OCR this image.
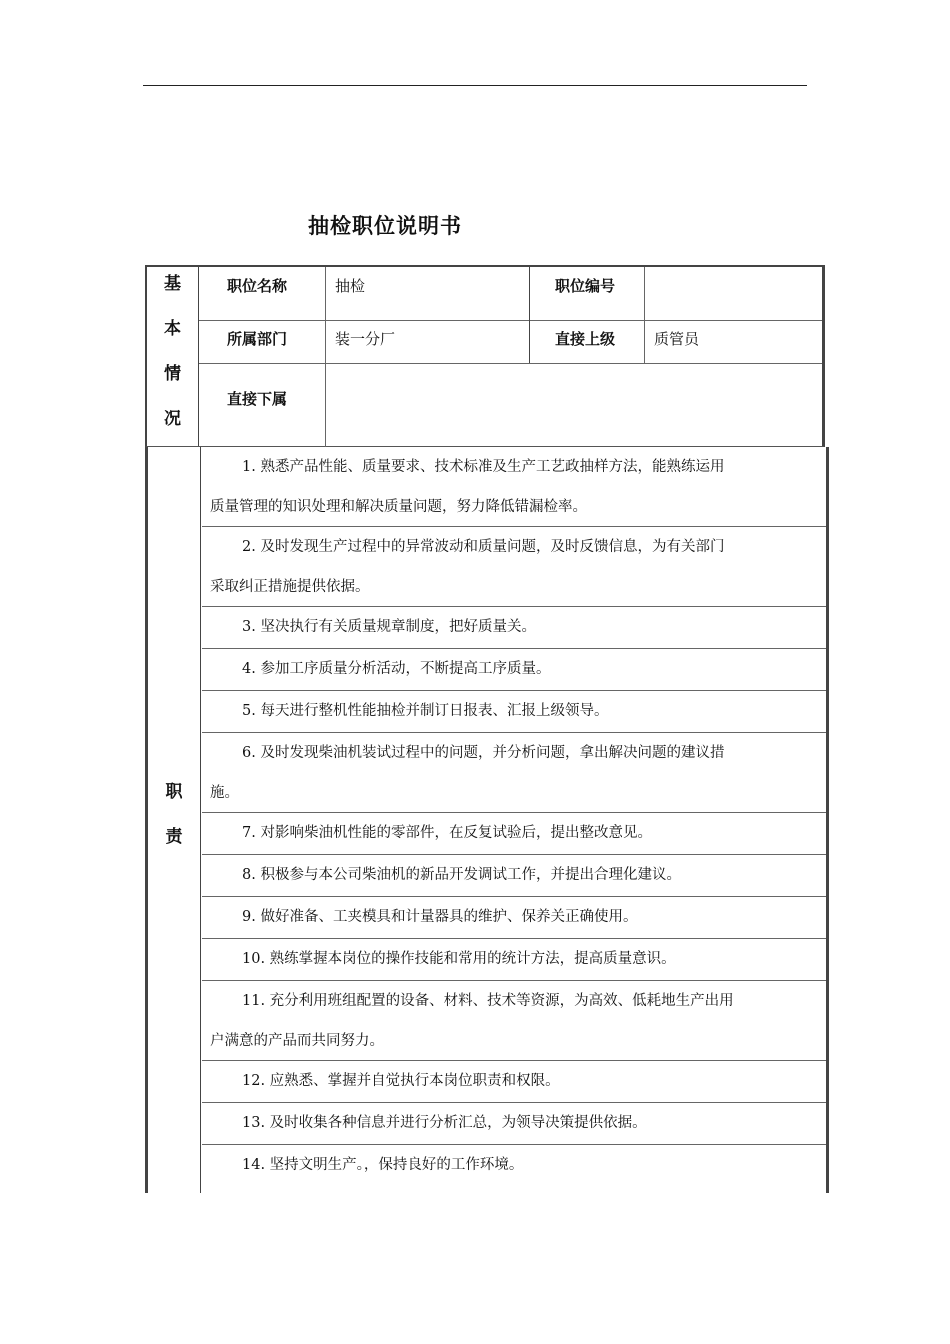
抽检职位说明书
基
本
情
况
职位名称	抽检	职位编号
所属部门	装一分厂	直接上级	质管员
直接下属
职
责
1. 熟悉产品性能、质量要求、技术标准及生产工艺政抽样方法，能熟练运用
质量管理的知识处理和解决质量问题，努力降低错漏检率。
2. 及时发现生产过程中的异常波动和质量问题，及时反馈信息，为有关部门
采取纠正措施提供依据。
3. 坚决执行有关质量规章制度，把好质量关。
4. 参加工序质量分析活动，不断提高工序质量。
5. 每天进行整机性能抽检并制订日报表、汇报上级领导。
6. 及时发现柴油机装试过程中的问题，并分析问题，拿出解决问题的建议措
施。
7. 对影响柴油机性能的零部件，在反复试验后，提出整改意见。
8. 积极参与本公司柴油机的新品开发调试工作，并提出合理化建议。
9. 做好准备、工夹模具和计量器具的维护、保养关正确使用。
10. 熟练掌握本岗位的操作技能和常用的统计方法，提高质量意识。
11. 充分利用班组配置的设备、材料、技术等资源，为高效、低耗地生产出用
户满意的产品而共同努力。
12. 应熟悉、掌握并自觉执行本岗位职责和权限。
13. 及时收集各种信息并进行分析汇总，为领导决策提供依据。
14. 坚持文明生产。，保持良好的工作环境。
